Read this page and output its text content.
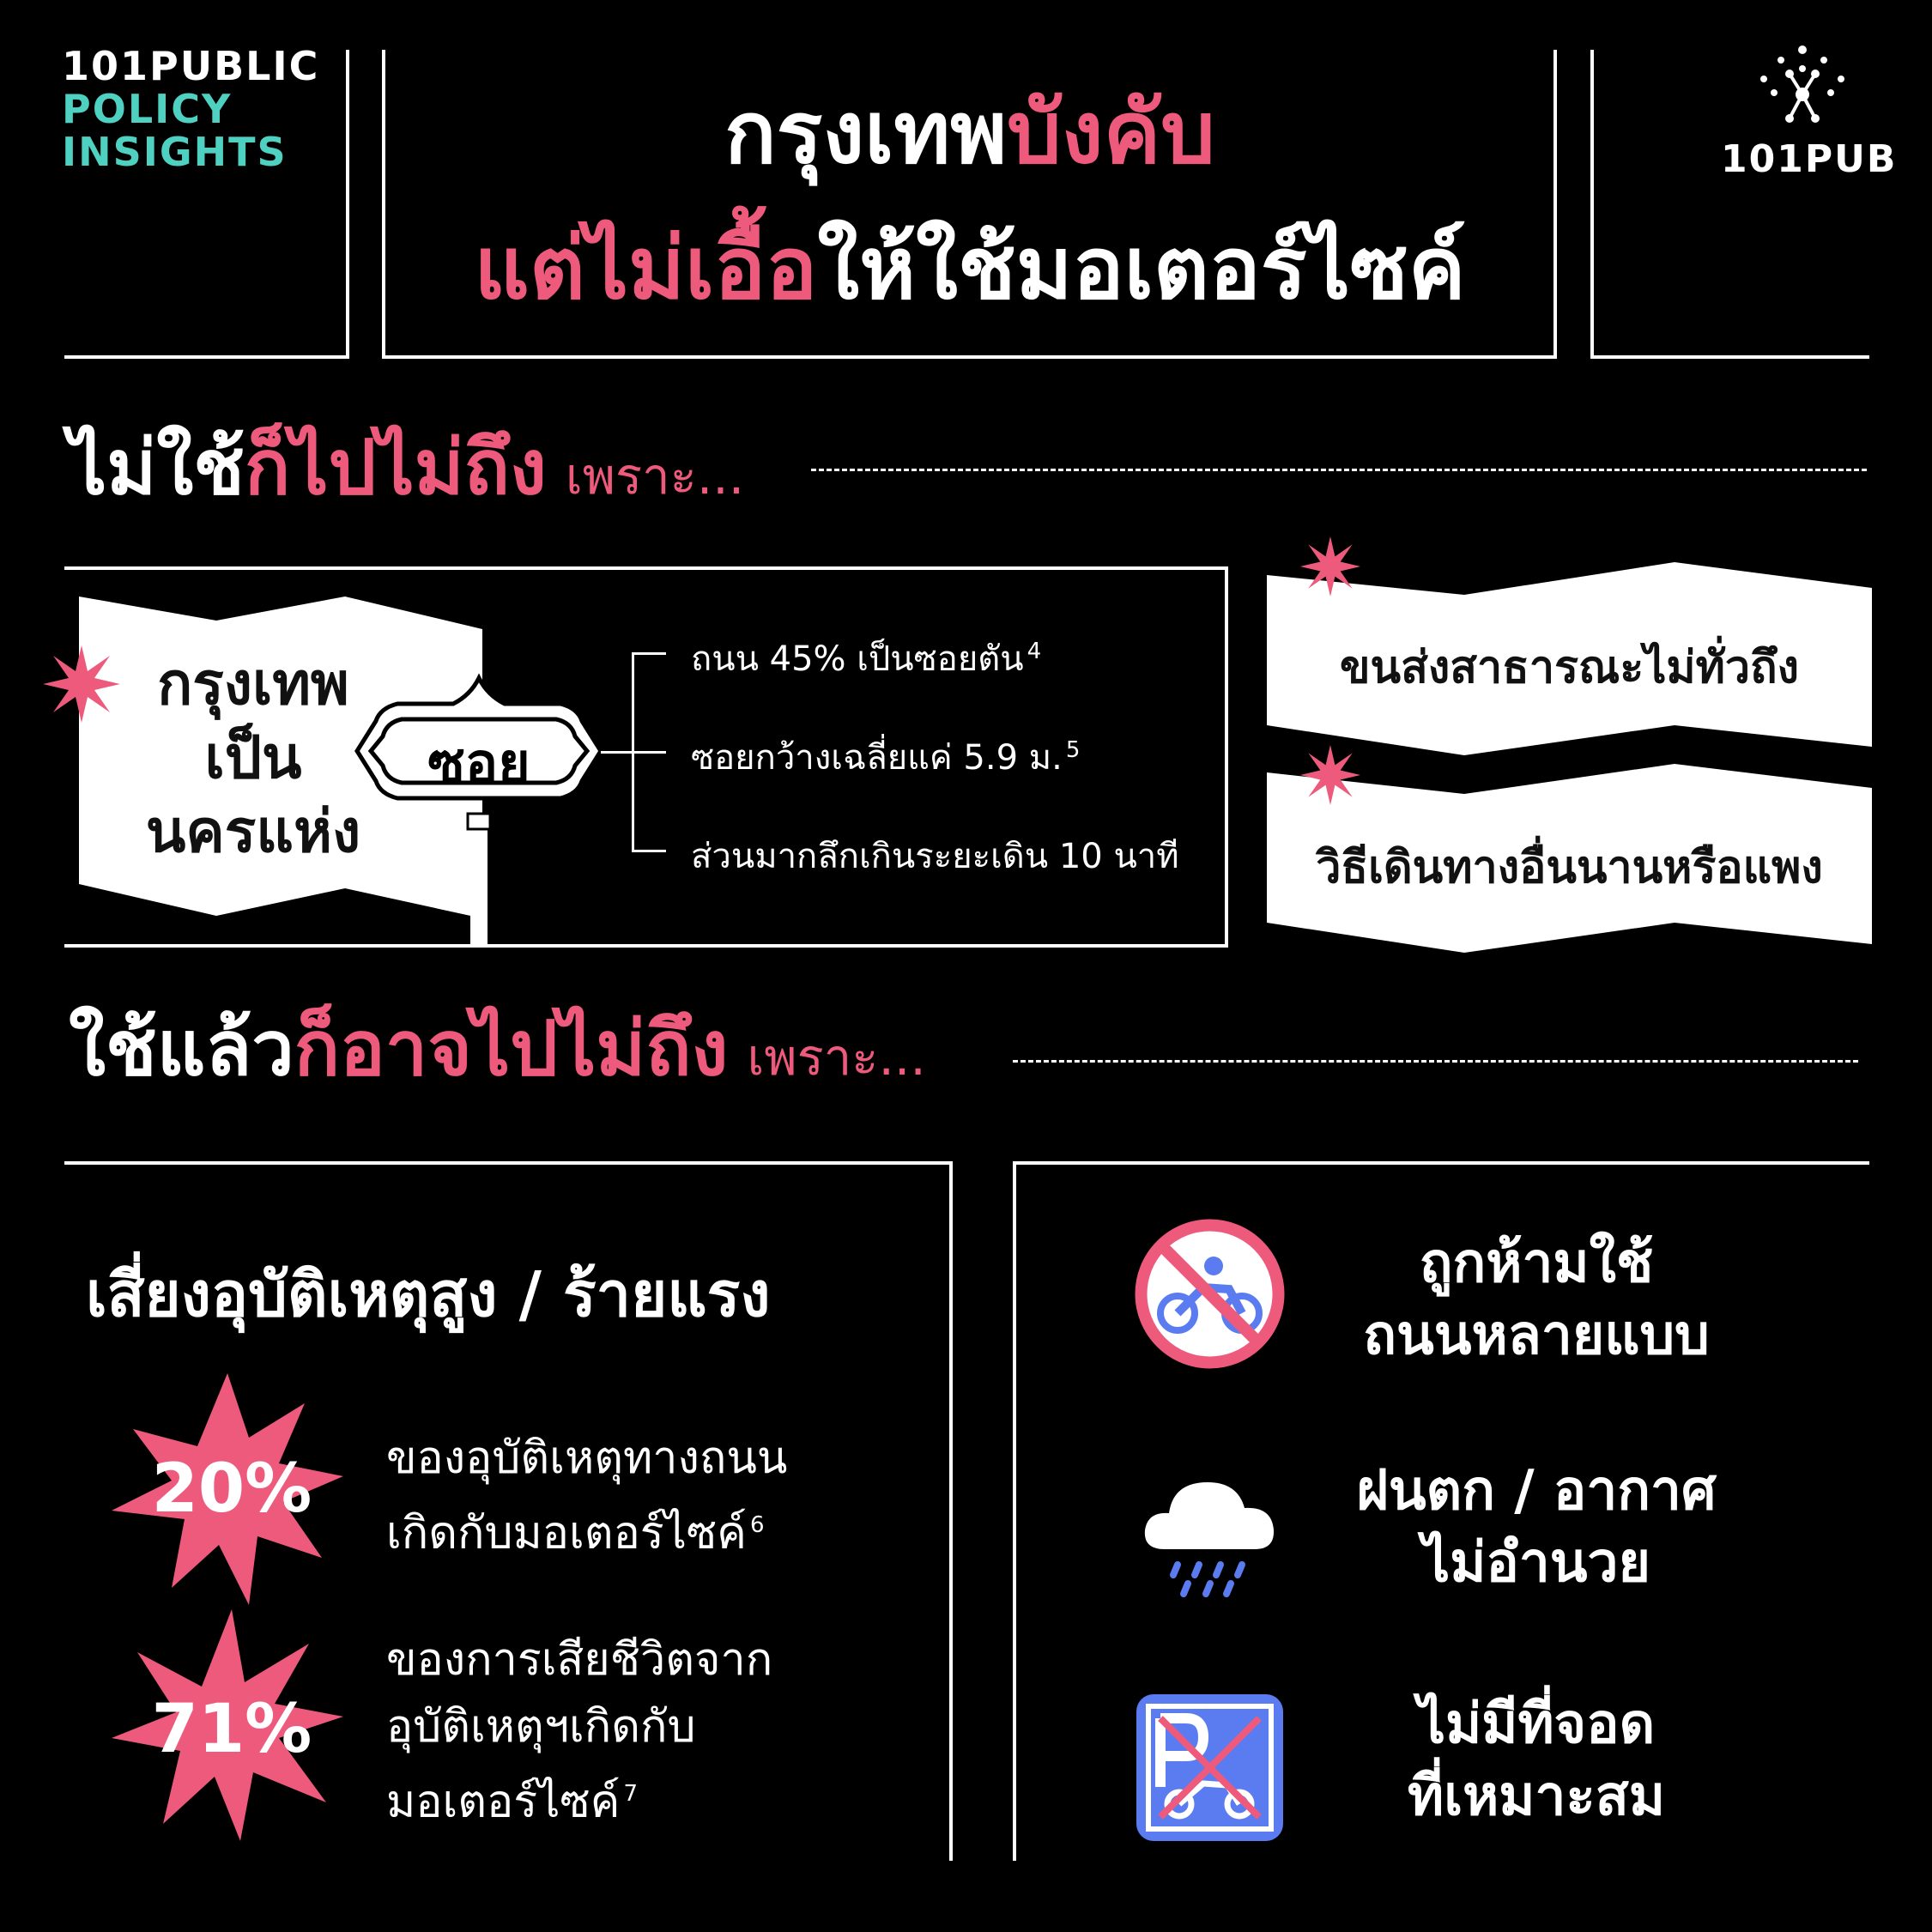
101PUBLIC
POLICY
INSIGHTS	กรุงเทพบังคับ
แต่ไม่เอื้อให้ใช้มอเตอร์ไซค์
101PUB
ไม่ใช้ก็ไปไม่ถึง เพราะ...
กรุงเทพ
เป็น
นครแห่ง
ซอย
ถนน 45% เป็นซอยตัน $^4$
ซอยกว้างเฉลี่ยแค่ 5.9 ม. $^5$
ส่วนมากลึกเกินระยะเดิน 10 นาที
ขนส่งสาธารณะไม่ทั่วถึง
วิธีเดินทางอื่นนานหรือแพง
ใช้แล้วก็อาจไปไม่ถึง เพราะ...
เสี่ยงอุบัติเหตุสูง / ร้ายแรง
20%	ของอุบัติเหตุทางถนน
เกิดกับมอเตอร์ไซค์ $^6$
71%
ของการเสียชีวิตจาก
อุบัติเหตุฯเกิดกับ
มอเตอร์ไซค์ $^7$
ถูกห้ามใช้
ถนนหลายแบบ
ฝนตก / อากาศ
ไม่อำนวย
ไม่มีที่จอด
ที่เหมาะสม
